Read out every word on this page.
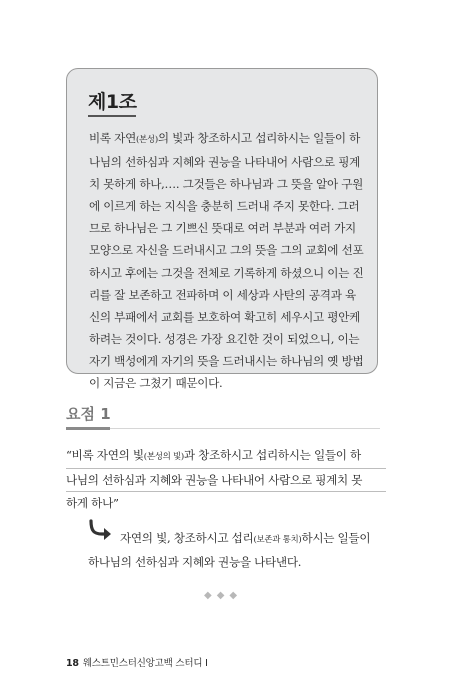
제1조
비록 자연(본성)의 빛과 창조하시고 섭리하시는 일들이 하
나님의 선하심과 지혜와 권능을 나타내어 사람으로 핑계
치 못하게 하나,…. 그것들은 하나님과 그 뜻을 알아 구원
에 이르게 하는 지식을 충분히 드러내 주지 못한다. 그러
므로 하나님은 그 기쁘신 뜻대로 여러 부분과 여러 가지
모양으로 자신을 드러내시고 그의 뜻을 그의 교회에 선포
하시고 후에는 그것을 전체로 기록하게 하셨으니 이는 진
리를 잘 보존하고 전파하며 이 세상과 사탄의 공격과 육
신의 부패에서 교회를 보호하여 확고히 세우시고 평안케
하려는 것이다. 성경은 가장 요긴한 것이 되었으니, 이는
자기 백성에게 자기의 뜻을 드러내시는 하나님의 옛 방법
이 지금은 그쳤기 때문이다.
요점 1
“비록 자연의 빛(본성의 빛)과 창조하시고 섭리하시는 일들이 하
나님의 선하심과 지혜와 권능을 나타내어 사람으로 핑계치 못
하게 하나”
자연의 빛, 창조하시고 섭리(보존과 통치)하시는 일들이
하나님의 선하심과 지혜와 권능을 나타낸다.
◆◆◆
18 웨스트민스터신앙고백 스터디 I
